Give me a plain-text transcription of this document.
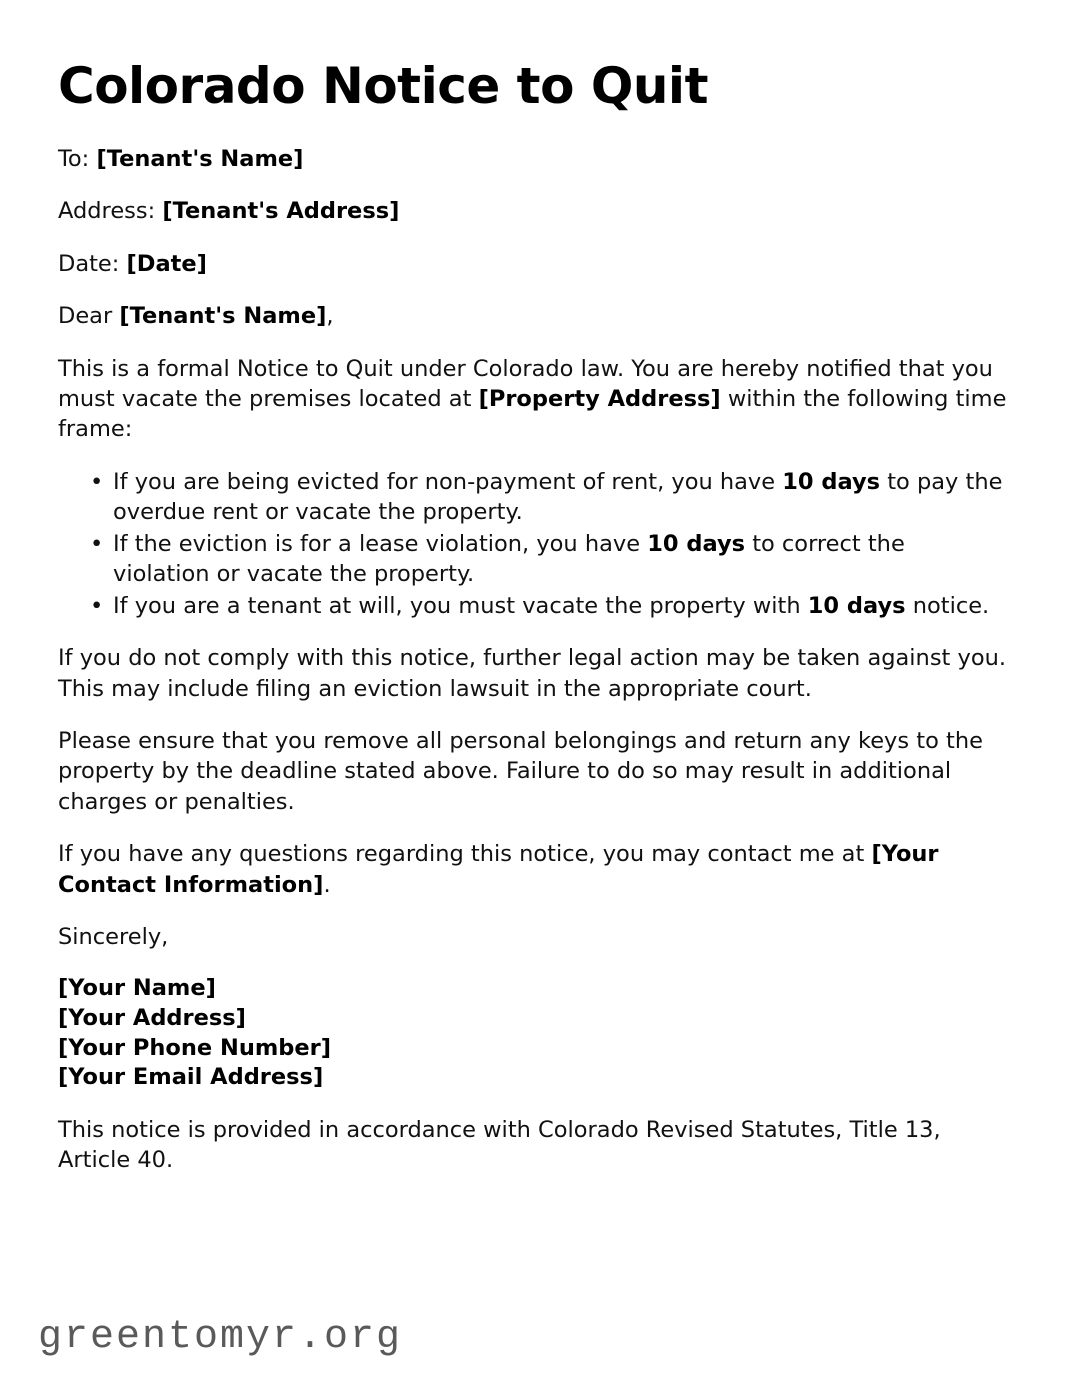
Colorado Notice to Quit

To: [Tenant's Name]

Address: [Tenant's Address]

Date: [Date]

Dear [Tenant's Name],

This is a formal Notice to Quit under Colorado law. You are hereby notified that you must vacate the premises located at [Property Address] within the following time frame:

• If you are being evicted for non-payment of rent, you have 10 days to pay the overdue rent or vacate the property.
• If the eviction is for a lease violation, you have 10 days to correct the violation or vacate the property.
• If you are a tenant at will, you must vacate the property with 10 days notice.

If you do not comply with this notice, further legal action may be taken against you. This may include filing an eviction lawsuit in the appropriate court.

Please ensure that you remove all personal belongings and return any keys to the property by the deadline stated above. Failure to do so may result in additional charges or penalties.

If you have any questions regarding this notice, you may contact me at [Your Contact Information].

Sincerely,

[Your Name]
[Your Address]
[Your Phone Number]
[Your Email Address]

This notice is provided in accordance with Colorado Revised Statutes, Title 13, Article 40.

greentomyr.org
